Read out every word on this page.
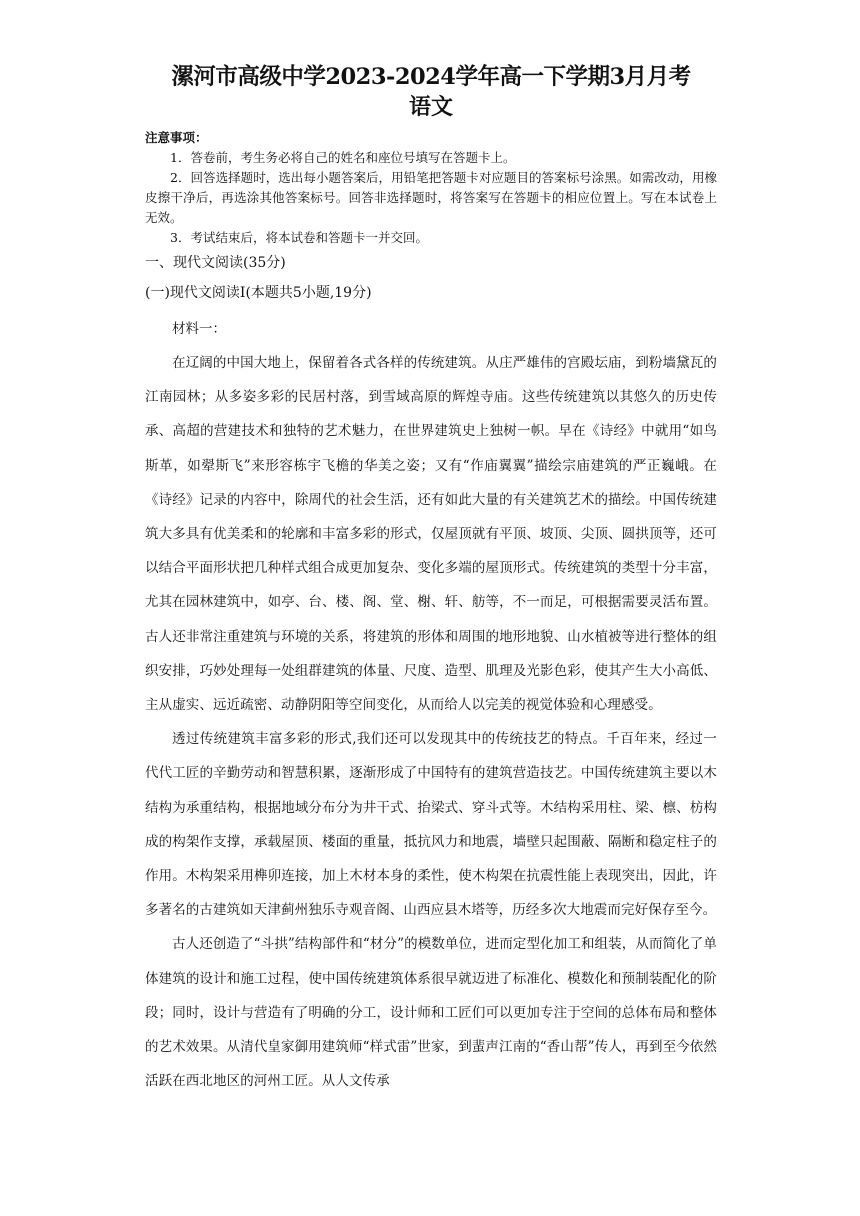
漯河市高级中学2023-2024学年高一下学期3月月考
语文

注意事项：

1．答卷前，考生务必将自己的姓名和座位号填写在答题卡上。

2．回答选择题时，选出每小题答案后，用铅笔把答题卡对应题目的答案标号涂黑。如需改动，用橡皮擦干净后，再选涂其他答案标号。回答非选择题时，将答案写在答题卡的相应位置上。写在本试卷上无效。

3．考试结束后，将本试卷和答题卡一并交回。

一、现代文阅读(35分)

(一)现代文阅读Ⅰ(本题共5小题,19分)

材料一：

在辽阔的中国大地上，保留着各式各样的传统建筑。从庄严雄伟的宫殿坛庙，到粉墙黛瓦的江南园林；从多姿多彩的民居村落，到雪域高原的辉煌寺庙。这些传统建筑以其悠久的历史传承、高超的营建技术和独特的艺术魅力，在世界建筑史上独树一帜。早在《诗经》中就用“如鸟斯革，如翚斯飞”来形容栋宇飞檐的华美之姿；又有“作庙翼翼”描绘宗庙建筑的严正巍峨。在《诗经》记录的内容中，除周代的社会生活，还有如此大量的有关建筑艺术的描绘。中国传统建筑大多具有优美柔和的轮廓和丰富多彩的形式，仅屋顶就有平顶、坡顶、尖顶、圆拱顶等，还可以结合平面形状把几种样式组合成更加复杂、变化多端的屋顶形式。传统建筑的类型十分丰富，尤其在园林建筑中，如亭、台、楼、阁、堂、榭、轩、舫等，不一而足，可根据需要灵活布置。古人还非常注重建筑与环境的关系，将建筑的形体和周围的地形地貌、山水植被等进行整体的组织安排，巧妙处理每一处组群建筑的体量、尺度、造型、肌理及光影色彩，使其产生大小高低、主从虚实、远近疏密、动静阴阳等空间变化，从而给人以完美的视觉体验和心理感受。

透过传统建筑丰富多彩的形式,我们还可以发现其中的传统技艺的特点。千百年来，经过一代代工匠的辛勤劳动和智慧积累，逐渐形成了中国特有的建筑营造技艺。中国传统建筑主要以木结构为承重结构，根据地域分布分为井干式、抬梁式、穿斗式等。木结构采用柱、梁、檩、枋构成的构架作支撑，承载屋顶、楼面的重量，抵抗风力和地震，墙壁只起围蔽、隔断和稳定柱子的作用。木构架采用榫卯连接，加上木材本身的柔性，使木构架在抗震性能上表现突出，因此，许多著名的古建筑如天津蓟州独乐寺观音阁、山西应县木塔等，历经多次大地震而完好保存至今。

古人还创造了“斗拱”结构部件和“材分”的模数单位，进而定型化加工和组装，从而简化了单体建筑的设计和施工过程，使中国传统建筑体系很早就迈进了标准化、模数化和预制装配化的阶段；同时，设计与营造有了明确的分工，设计师和工匠们可以更加专注于空间的总体布局和整体的艺术效果。从清代皇家御用建筑师“样式雷”世家，到蜚声江南的“香山帮”传人，再到至今依然活跃在西北地区的河州工匠。从人文传承
